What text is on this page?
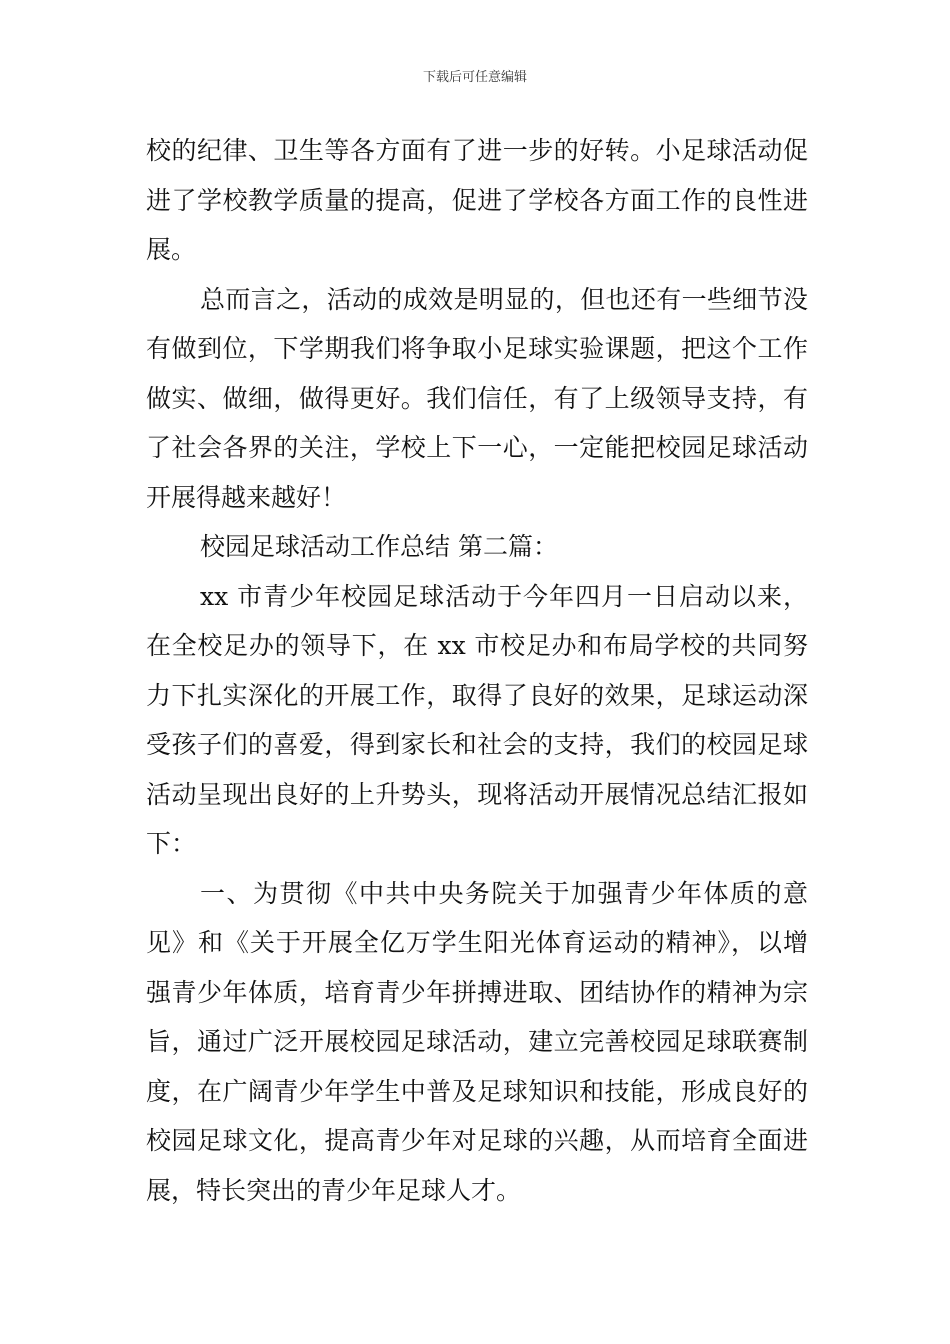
下载后可任意编辑

校的纪律、卫生等各方面有了进一步的好转。小足球活动促进了学校教学质量的提高，促进了学校各方面工作的良性进展。

总而言之，活动的成效是明显的，但也还有一些细节没有做到位，下学期我们将争取小足球实验课题，把这个工作做实、做细，做得更好。我们信任，有了上级领导支持，有了社会各界的关注，学校上下一心，一定能把校园足球活动开展得越来越好！

校园足球活动工作总结 第二篇：

xx 市青少年校园足球活动于今年四月一日启动以来，在全校足办的领导下，在 xx 市校足办和布局学校的共同努力下扎实深化的开展工作，取得了良好的效果，足球运动深受孩子们的喜爱，得到家长和社会的支持，我们的校园足球活动呈现出良好的上升势头，现将活动开展情况总结汇报如下：

一、为贯彻《中共中央务院关于加强青少年体质的意见》和《关于开展全亿万学生阳光体育运动的精神》，以增强青少年体质，培育青少年拼搏进取、团结协作的精神为宗旨，通过广泛开展校园足球活动，建立完善校园足球联赛制度，在广阔青少年学生中普及足球知识和技能，形成良好的校园足球文化，提高青少年对足球的兴趣，从而培育全面进展，特长突出的青少年足球人才。
